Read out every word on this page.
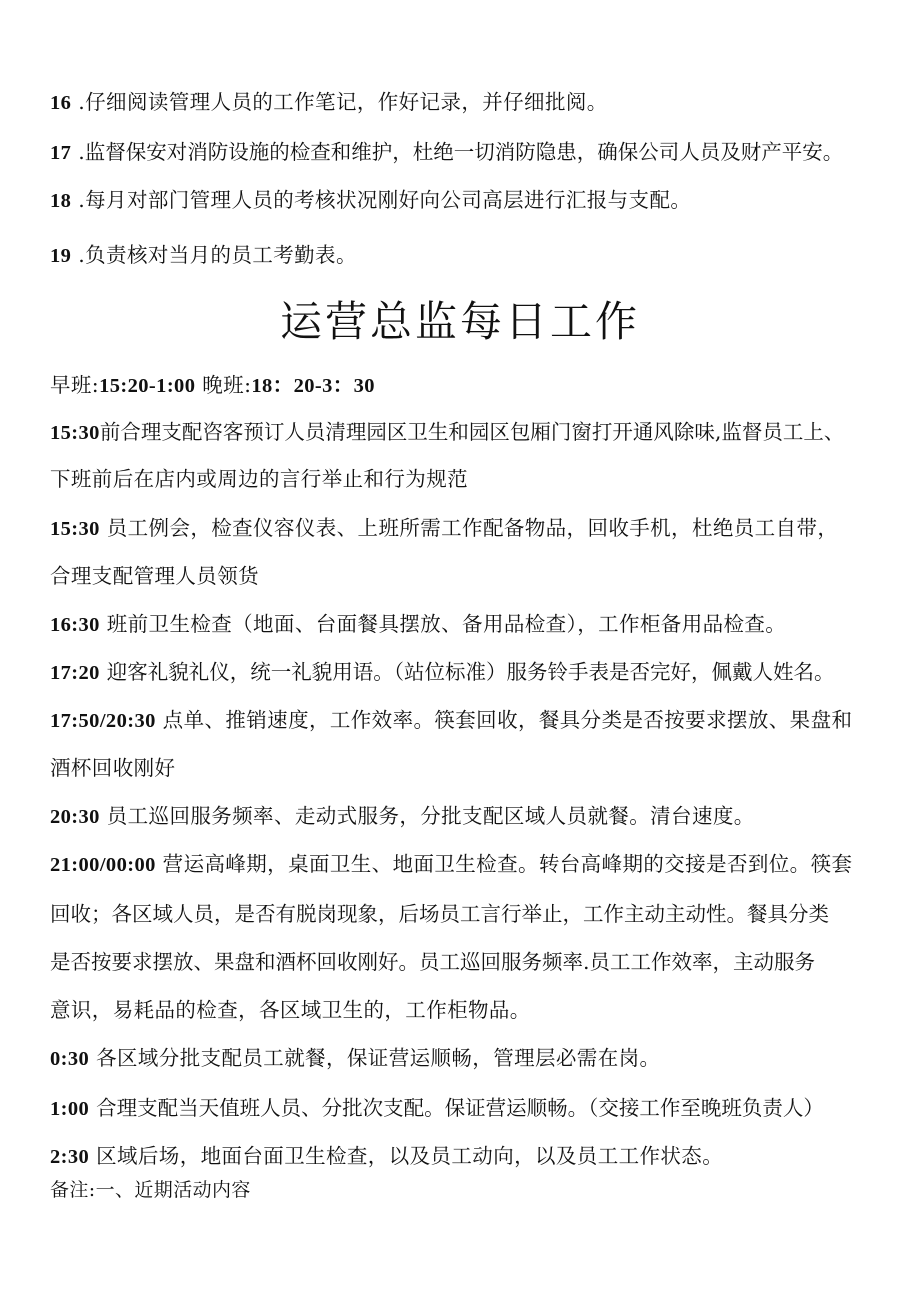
16 .仔细阅读管理人员的工作笔记，作好记录，并仔细批阅。
17 .监督保安对消防设施的检查和维护，杜绝一切消防隐患，确保公司人员及财产平安。
18 .每月对部门管理人员的考核状况刚好向公司高层进行汇报与支配。
19 .负责核对当月的员工考勤表。
运营总监每日工作
早班:15:20-1:00 晚班:18：20-3：30
15:30前合理支配咨客预订人员清理园区卫生和园区包厢门窗打开通风除味,监督员工上、
下班前后在店内或周边的言行举止和行为规范
15:30 员工例会，检查仪容仪表、上班所需工作配备物品，回收手机，杜绝员工自带，
合理支配管理人员领货
16:30 班前卫生检查（地面、台面餐具摆放、备用品检查），工作柜备用品检查。
17:20 迎客礼貌礼仪，统一礼貌用语。（站位标准）服务铃手表是否完好，佩戴人姓名。
17:50/20:30 点单、推销速度，工作效率。筷套回收，餐具分类是否按要求摆放、果盘和
酒杯回收刚好
20:30 员工巡回服务频率、走动式服务，分批支配区域人员就餐。清台速度。
21:00/00:00 营运高峰期，桌面卫生、地面卫生检查。转台高峰期的交接是否到位。筷套
回收；各区域人员，是否有脱岗现象，后场员工言行举止，工作主动主动性。餐具分类
是否按要求摆放、果盘和酒杯回收刚好。员工巡回服务频率.员工工作效率，主动服务
意识，易耗品的检查，各区域卫生的，工作柜物品。
0:30 各区域分批支配员工就餐，保证营运顺畅，管理层必需在岗。
1:00 合理支配当天值班人员、分批次支配。保证营运顺畅。（交接工作至晚班负责人）
2:30 区域后场，地面台面卫生检查，以及员工动向，以及员工工作状态。
备注:一、近期活动内容
